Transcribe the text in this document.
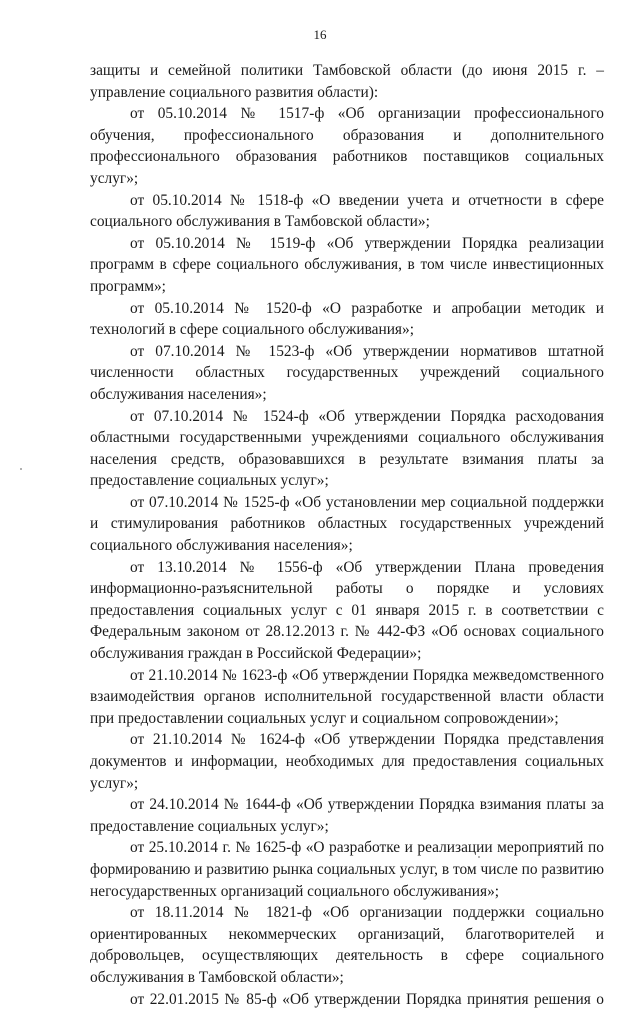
16

защиты и семейной политики Тамбовской области (до июня 2015 г. – управление социального развития области):

от 05.10.2014 № 1517-ф «Об организации профессионального обучения, профессионального образования и дополнительного профессионального образования работников поставщиков социальных услуг»;

от 05.10.2014 № 1518-ф «О введении учета и отчетности в сфере социального обслуживания в Тамбовской области»;

от 05.10.2014 № 1519-ф «Об утверждении Порядка реализации программ в сфере социального обслуживания, в том числе инвестиционных программ»;

от 05.10.2014 № 1520-ф «О разработке и апробации методик и технологий в сфере социального обслуживания»;

от 07.10.2014 № 1523-ф «Об утверждении нормативов штатной численности областных государственных учреждений социального обслуживания населения»;

от 07.10.2014 № 1524-ф «Об утверждении Порядка расходования областными государственными учреждениями социального обслуживания населения средств, образовавшихся в результате взимания платы за предоставление социальных услуг»;

от 07.10.2014 № 1525-ф «Об установлении мер социальной поддержки и стимулирования работников областных государственных учреждений социального обслуживания населения»;

от 13.10.2014 № 1556-ф «Об утверждении Плана проведения информационно-разъяснительной работы о порядке и условиях предоставления социальных услуг с 01 января 2015 г. в соответствии с Федеральным законом от 28.12.2013 г. № 442-ФЗ «Об основах социального обслуживания граждан в Российской Федерации»;

от 21.10.2014 № 1623-ф «Об утверждении Порядка межведомственного взаимодействия органов исполнительной государственной власти области при предоставлении социальных услуг и социальном сопровождении»;

от 21.10.2014 № 1624-ф «Об утверждении Порядка представления документов и информации, необходимых для предоставления социальных услуг»;

от 24.10.2014 № 1644-ф «Об утверждении Порядка взимания платы за предоставление социальных услуг»;

от 25.10.2014 г. № 1625-ф «О разработке и реализации мероприятий по формированию и развитию рынка социальных услуг, в том числе по развитию негосударственных организаций социального обслуживания»;

от 18.11.2014 № 1821-ф «Об организации поддержки социально ориентированных некоммерческих организаций, благотворителей и добровольцев, осуществляющих деятельность в сфере социального обслуживания в Тамбовской области»;

от 22.01.2015 № 85-ф «Об утверждении Порядка принятия решения о
